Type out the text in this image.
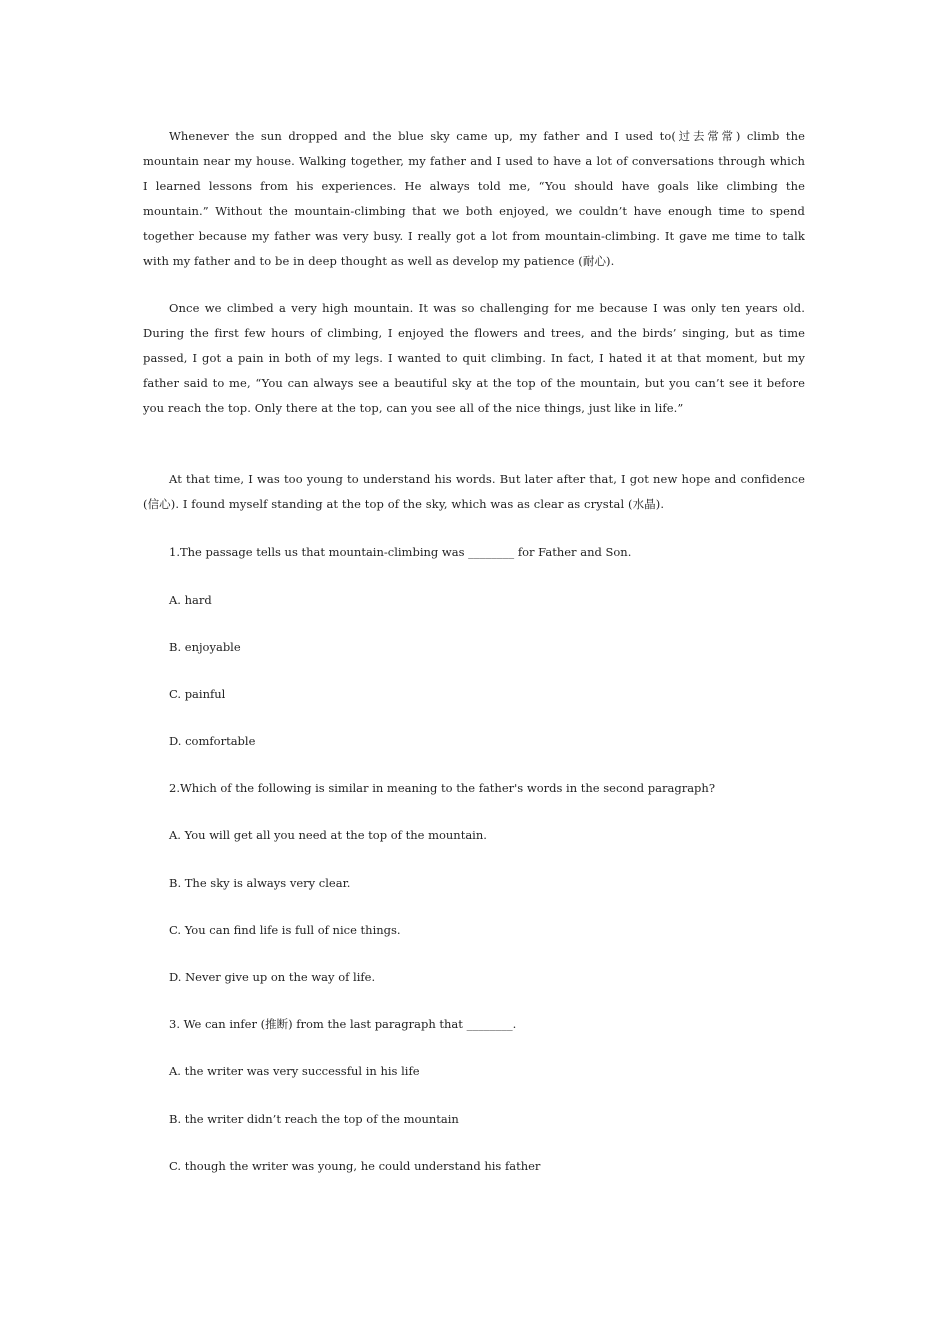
Whenever the sun dropped and the blue sky came up, my father and I used to(过去常常) climb the mountain near my house. Walking together, my father and I used to have a lot of conversations through which I learned lessons from his experiences. He always told me, “You should have goals like climbing the mountain.” Without the mountain-climbing that we both enjoyed, we couldn’t have enough time to spend together because my father was very busy. I really got a lot from mountain-climbing. It gave me time to talk with my father and to be in deep thought as well as develop my patience (耐心).

Once we climbed a very high mountain. It was so challenging for me because I was only ten years old. During the first few hours of climbing, I enjoyed the flowers and trees, and the birds’ singing, but as time passed, I got a pain in both of my legs. I wanted to quit climbing. In fact, I hated it at that moment, but my father said to me, “You can always see a beautiful sky at the top of the mountain, but you can’t see it before you reach the top. Only there at the top, can you see all of the nice things, just like in life.”

At that time, I was too young to understand his words. But later after that, I got new hope and confidence (信心). I found myself standing at the top of the sky, which was as clear as crystal (水晶).

1.The passage tells us that mountain-climbing was ________ for Father and Son.

A. hard

B. enjoyable

C. painful

D. comfortable

2.Which of the following is similar in meaning to the father's words in the second paragraph?

A. You will get all you need at the top of the mountain.

B. The sky is always very clear.

C. You can find life is full of nice things.

D. Never give up on the way of life.

3. We can infer (推断) from the last paragraph that ________.

A. the writer was very successful in his life

B. the writer didn’t reach the top of the mountain

C. though the writer was young, he could understand his father
